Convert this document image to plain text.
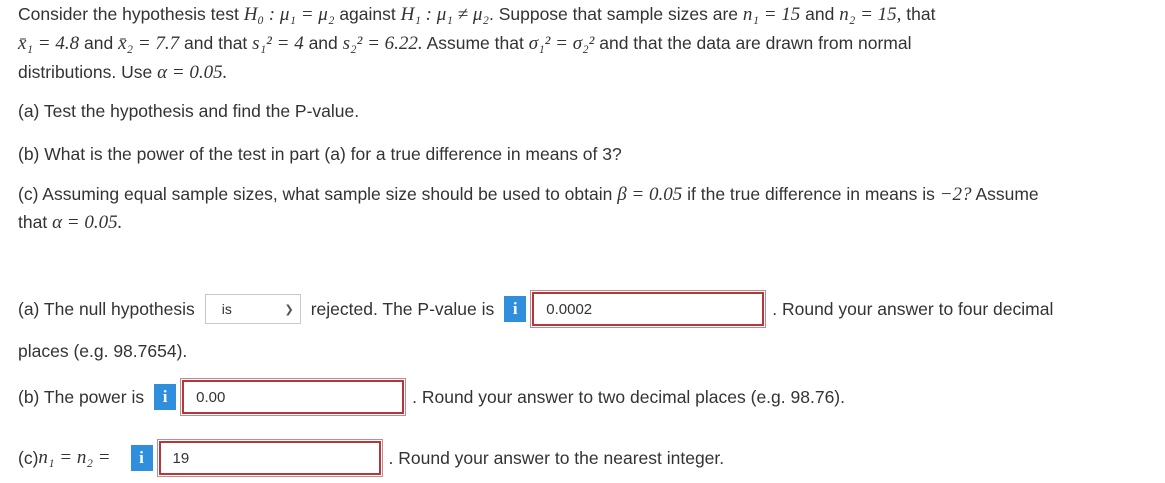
Consider the hypothesis test H₀ : μ₁ = μ₂ against H₁ : μ₁ ≠ μ₂. Suppose that sample sizes are n₁ = 15 and n₂ = 15, that
x̄₁ = 4.8 and x̄₂ = 7.7 and that s₁² = 4 and s₂² = 6.22. Assume that σ₁² = σ₂² and that the data are drawn from normal
distributions. Use α = 0.05.
(a) Test the hypothesis and find the P-value.
(b) What is the power of the test in part (a) for a true difference in means of 3?
(c) Assuming equal sample sizes, what sample size should be used to obtain β = 0.05 if the true difference in means is −2? Assume
that α = 0.05.
(a) The null hypothesis is	❯ rejected. The P-value is	i
0.0002	. Round your answer to four decimal
places (e.g. 98.7654).
(b) The power is	i
0.00	. Round your answer to two decimal places (e.g. 98.76).
(c) n₁ = n₂ =	i
19	. Round your answer to the nearest integer.
